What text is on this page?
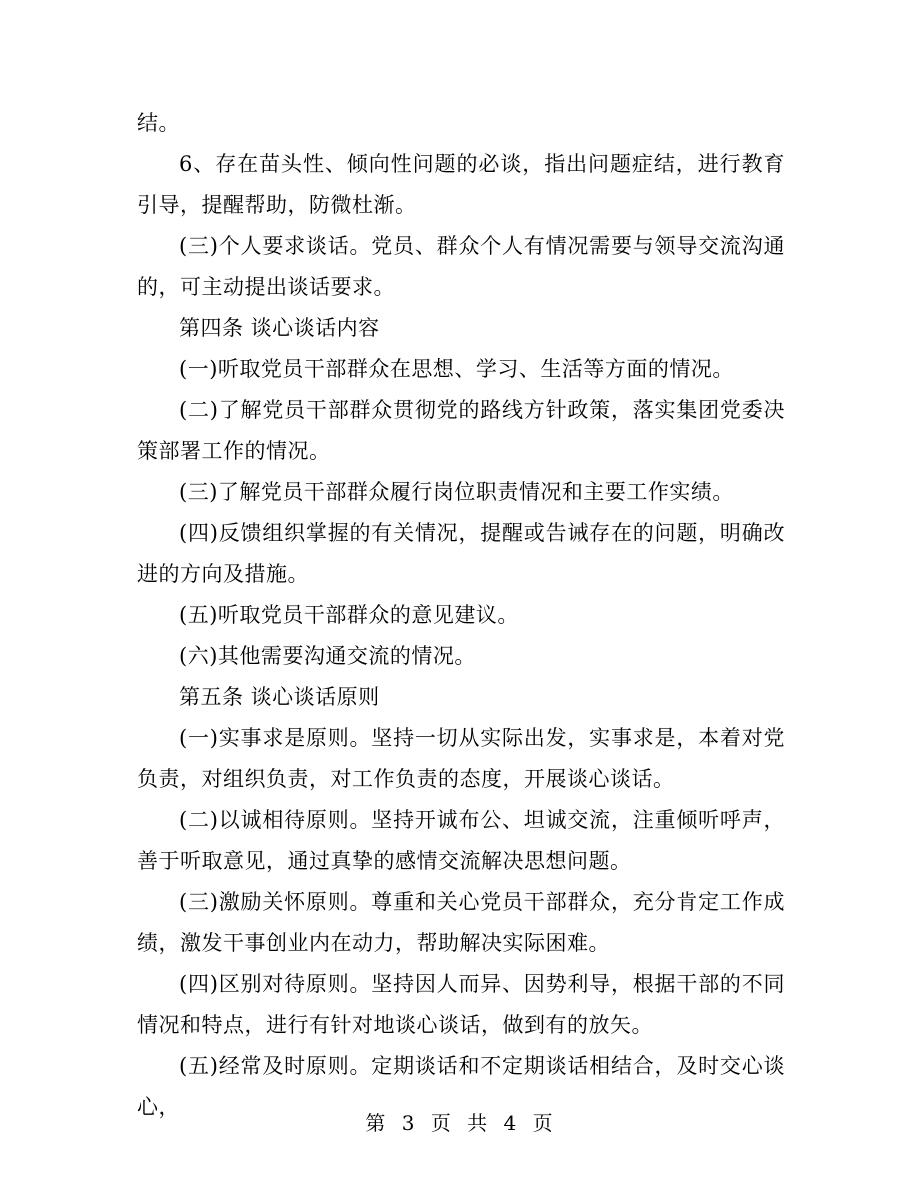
结。

6、存在苗头性、倾向性问题的必谈，指出问题症结，进行教育引导，提醒帮助，防微杜渐。

(三)个人要求谈话。党员、群众个人有情况需要与领导交流沟通的，可主动提出谈话要求。

第四条 谈心谈话内容

(一)听取党员干部群众在思想、学习、生活等方面的情况。

(二)了解党员干部群众贯彻党的路线方针政策，落实集团党委决策部署工作的情况。

(三)了解党员干部群众履行岗位职责情况和主要工作实绩。

(四)反馈组织掌握的有关情况，提醒或告诫存在的问题，明确改进的方向及措施。

(五)听取党员干部群众的意见建议。

(六)其他需要沟通交流的情况。

第五条 谈心谈话原则

(一)实事求是原则。坚持一切从实际出发，实事求是，本着对党负责，对组织负责，对工作负责的态度，开展谈心谈话。

(二)以诚相待原则。坚持开诚布公、坦诚交流，注重倾听呼声，善于听取意见，通过真挚的感情交流解决思想问题。

(三)激励关怀原则。尊重和关心党员干部群众，充分肯定工作成绩，激发干事创业内在动力，帮助解决实际困难。

(四)区别对待原则。坚持因人而异、因势利导，根据干部的不同情况和特点，进行有针对地谈心谈话，做到有的放矢。

(五)经常及时原则。定期谈话和不定期谈话相结合，及时交心谈心，

第 3 页 共 4 页
